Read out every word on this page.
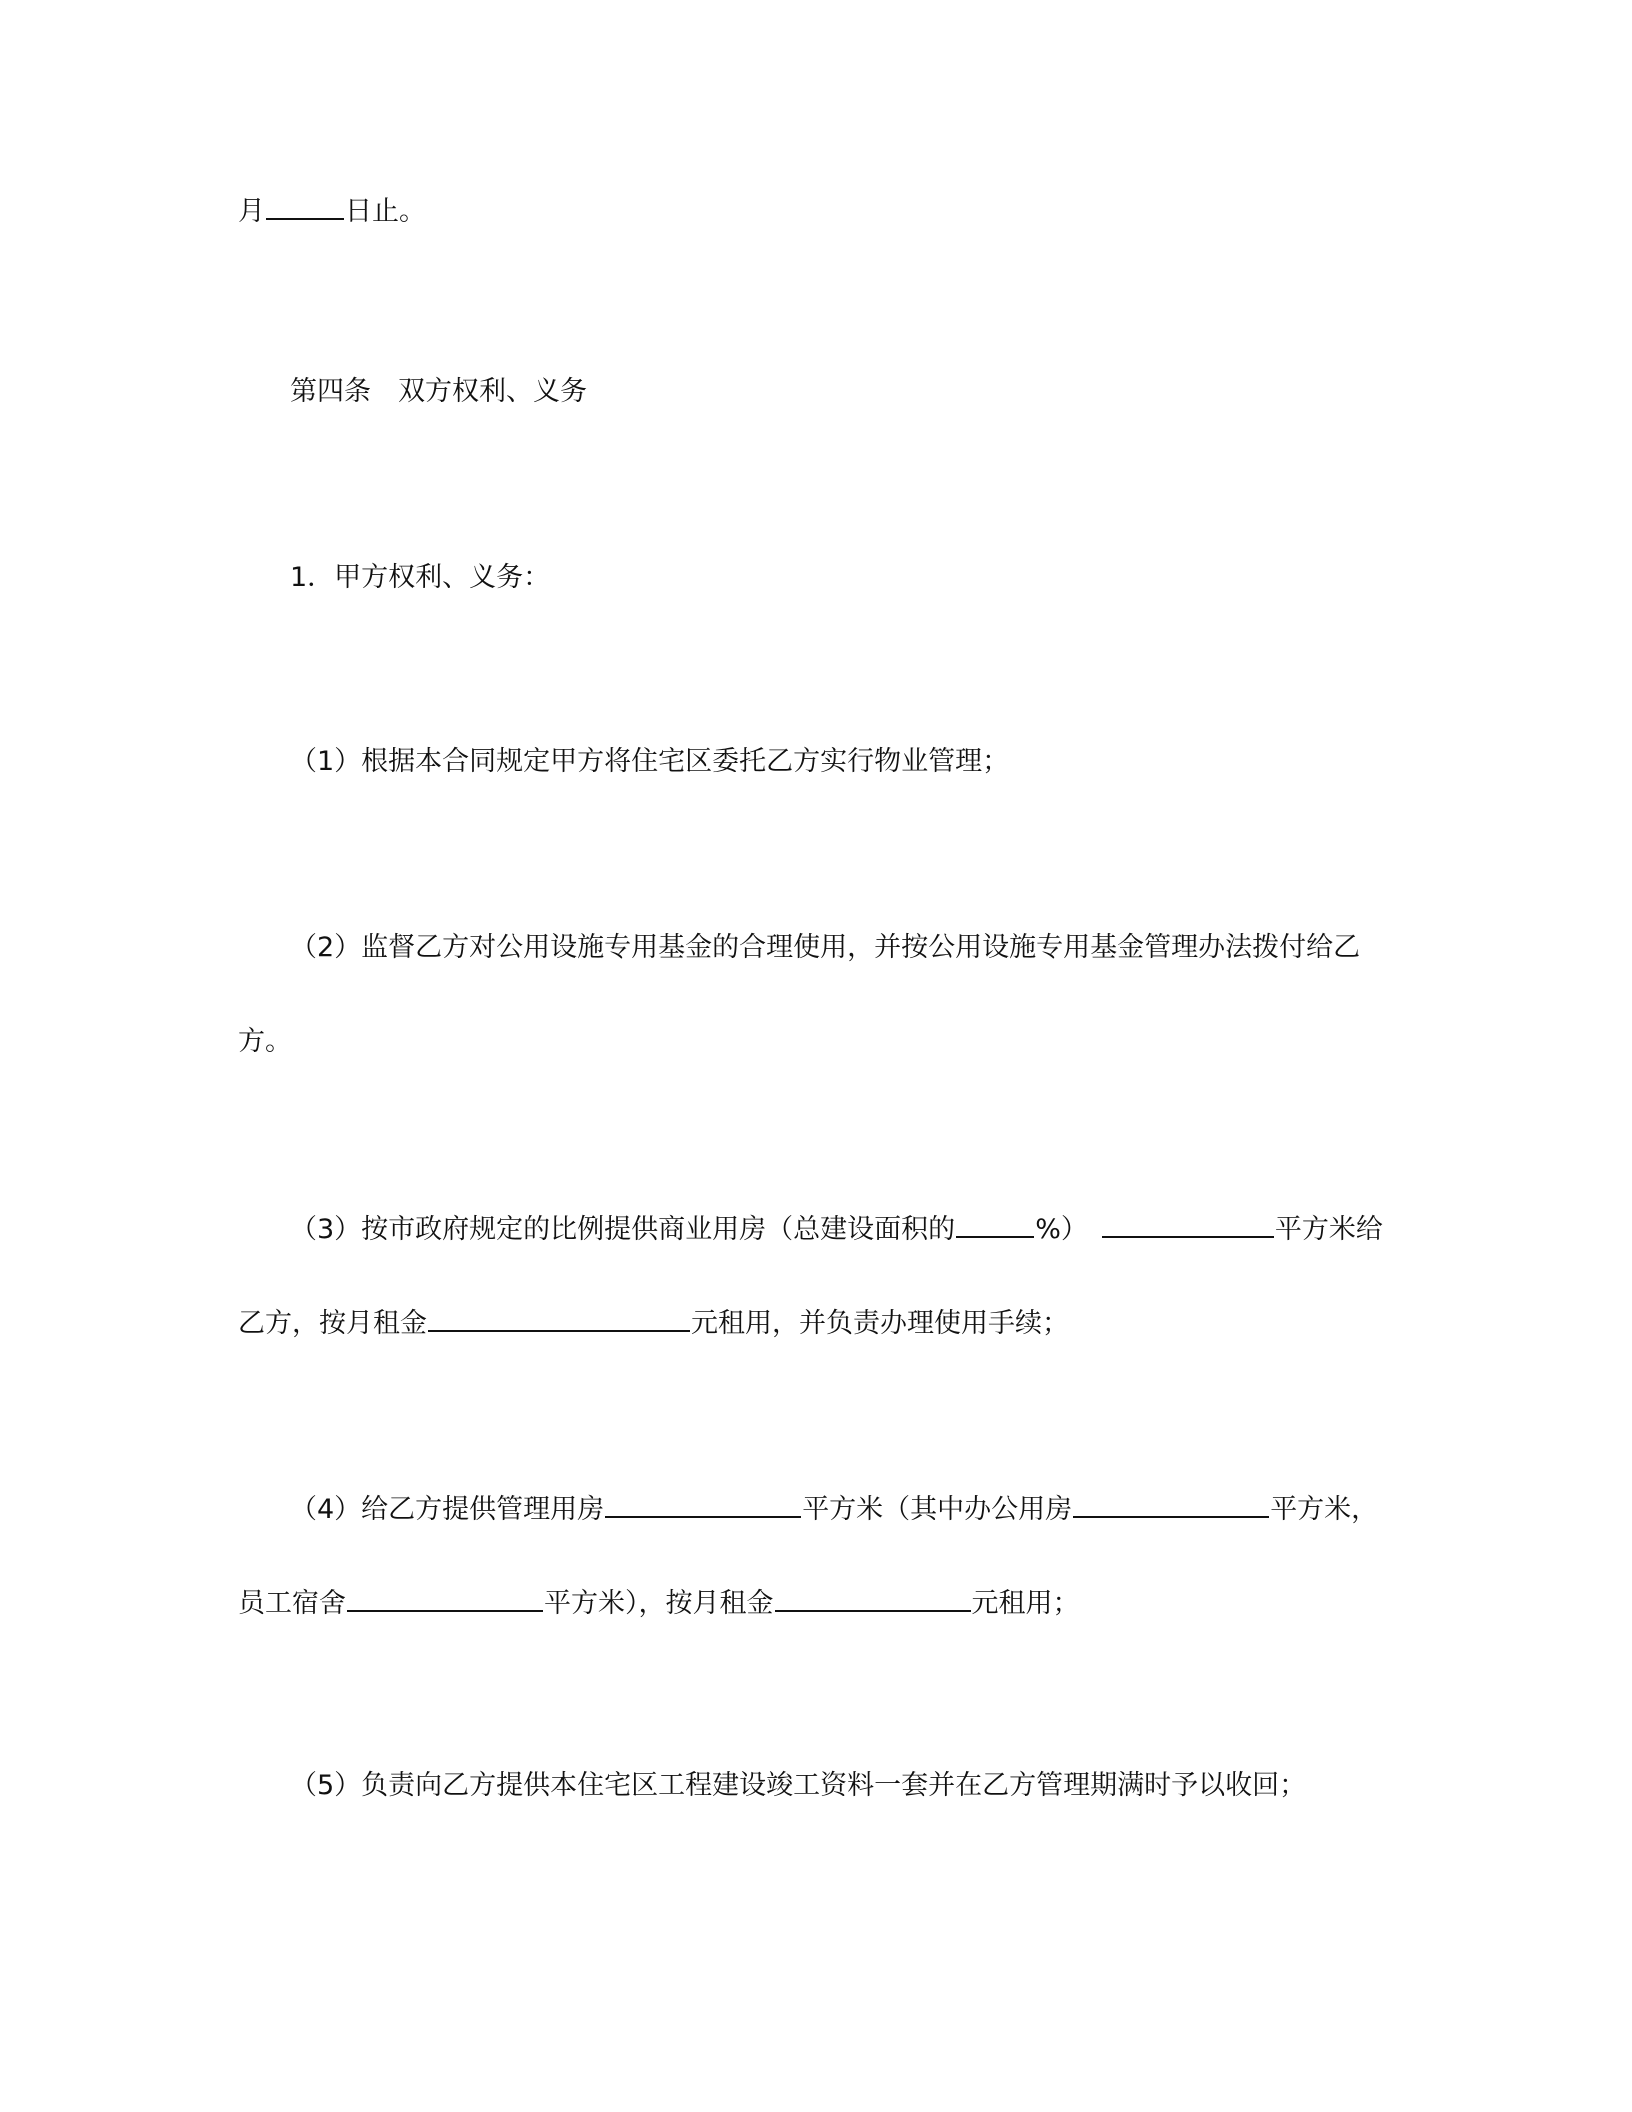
月	日止。
第四条　双方权利、义务
1．甲方权利、义务：
（1）根据本合同规定甲方将住宅区委托乙方实行物业管理；
（2）监督乙方对公用设施专用基金的合理使用，并按公用设施专用基金管理办法拨付给乙
方。
（3）按市政府规定的比例提供商业用房（总建设面积的	%）	平方米给
乙方，按月租金	元租用，并负责办理使用手续；
（4）给乙方提供管理用房	平方米（其中办公用房	平方米，
员工宿舍	平方米），按月租金	元租用；
（5）负责向乙方提供本住宅区工程建设竣工资料一套并在乙方管理期满时予以收回；
